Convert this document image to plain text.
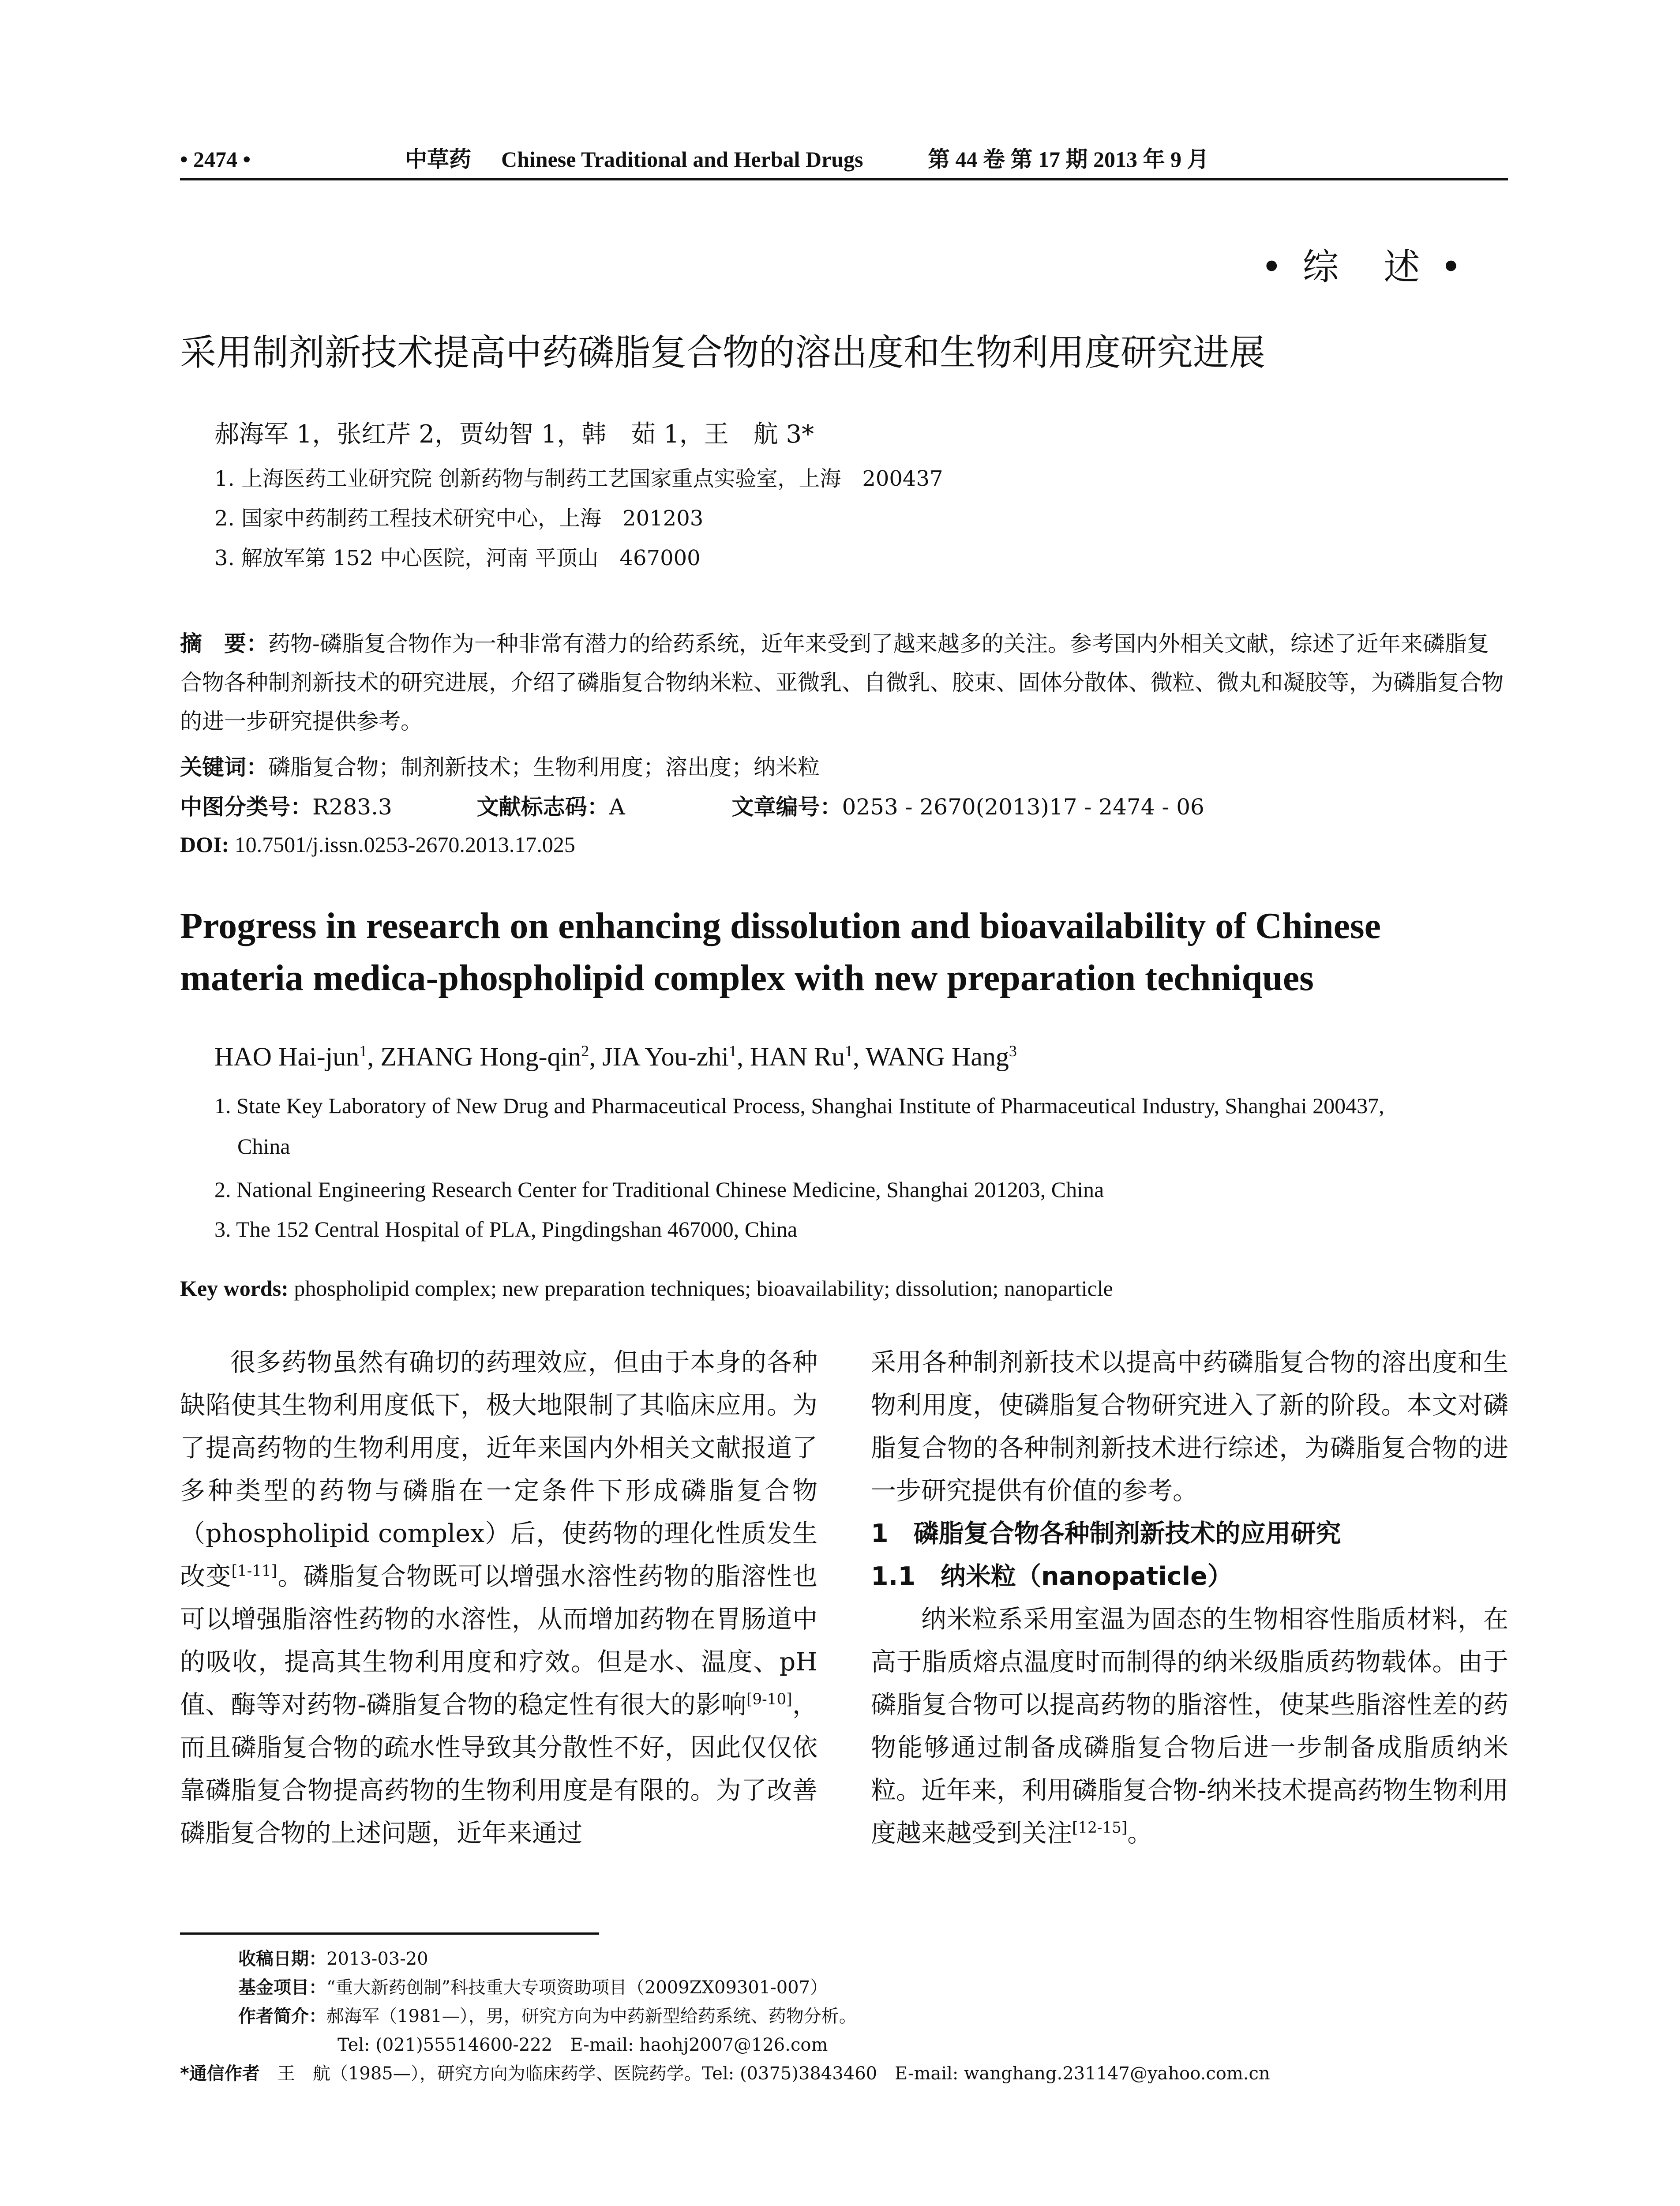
• 2474 •	中草药 Chinese Traditional and Herbal Drugs	第 44 卷 第 17 期 2013 年 9 月
• 综　述 •
采用制剂新技术提高中药磷脂复合物的溶出度和生物利用度研究进展
郝海军 1，张红芹 2，贾幼智 1，韩　茹 1，王　航 3*
1. 上海医药工业研究院 创新药物与制药工艺国家重点实验室，上海　200437
2. 国家中药制药工程技术研究中心，上海　201203
3. 解放军第 152 中心医院，河南 平顶山　467000
摘　要：药物-磷脂复合物作为一种非常有潜力的给药系统，近年来受到了越来越多的关注。参考国内外相关文献，综述了近年来磷脂复合物各种制剂新技术的研究进展，介绍了磷脂复合物纳米粒、亚微乳、自微乳、胶束、固体分散体、微粒、微丸和凝胶等，为磷脂复合物的进一步研究提供参考。
关键词：磷脂复合物；制剂新技术；生物利用度；溶出度；纳米粒
中图分类号：R283.3	文献标志码：A	文章编号：0253 - 2670(2013)17 - 2474 - 06
DOI: 10.7501/j.issn.0253-2670.2013.17.025
Progress in research on enhancing dissolution and bioavailability of Chinese materia medica-phospholipid complex with new preparation techniques
HAO Hai-jun$^1$, ZHANG Hong-qin$^2$, JIA You-zhi$^1$, HAN Ru$^1$, WANG Hang$^3$
1. State Key Laboratory of New Drug and Pharmaceutical Process, Shanghai Institute of Pharmaceutical Industry, Shanghai 200437,
China
2. National Engineering Research Center for Traditional Chinese Medicine, Shanghai 201203, China
3. The 152 Central Hospital of PLA, Pingdingshan 467000, China
Key words: phospholipid complex; new preparation techniques; bioavailability; dissolution; nanoparticle

很多药物虽然有确切的药理效应，但由于本身的各种缺陷使其生物利用度低下，极大地限制了其临床应用。为了提高药物的生物利用度，近年来国内外相关文献报道了多种类型的药物与磷脂在一定条件下形成磷脂复合物（phospholipid complex）后，使药物的理化性质发生改变[1-11]。磷脂复合物既可以增强水溶性药物的脂溶性也可以增强脂溶性药物的水溶性，从而增加药物在胃肠道中的吸收，提高其生物利用度和疗效。但是水、温度、pH 值、酶等对药物-磷脂复合物的稳定性有很大的影响[9-10]，而且磷脂复合物的疏水性导致其分散性不好，因此仅仅依靠磷脂复合物提高药物的生物利用度是有限的。为了改善磷脂复合物的上述问题，近年来通过

采用各种制剂新技术以提高中药磷脂复合物的溶出度和生物利用度，使磷脂复合物研究进入了新的阶段。本文对磷脂复合物的各种制剂新技术进行综述，为磷脂复合物的进一步研究提供有价值的参考。

1　磷脂复合物各种制剂新技术的应用研究

1.1　纳米粒（nanopaticle）

纳米粒系采用室温为固态的生物相容性脂质材料，在高于脂质熔点温度时而制得的纳米级脂质药物载体。由于磷脂复合物可以提高药物的脂溶性，使某些脂溶性差的药物能够通过制备成磷脂复合物后进一步制备成脂质纳米粒。近年来，利用磷脂复合物-纳米技术提高药物生物利用度越来越受到关注[12-15]。

收稿日期：2013-03-20
基金项目：“重大新药创制”科技重大专项资助项目（2009ZX09301-007）
作者简介：郝海军（1981—），男，研究方向为中药新型给药系统、药物分析。
Tel: (021)55514600-222　E-mail: haohj2007@126.com
*通信作者　 王　航（1985—），研究方向为临床药学、医院药学。Tel: (0375)3843460　E-mail: wanghang.231147@yahoo.com.cn
